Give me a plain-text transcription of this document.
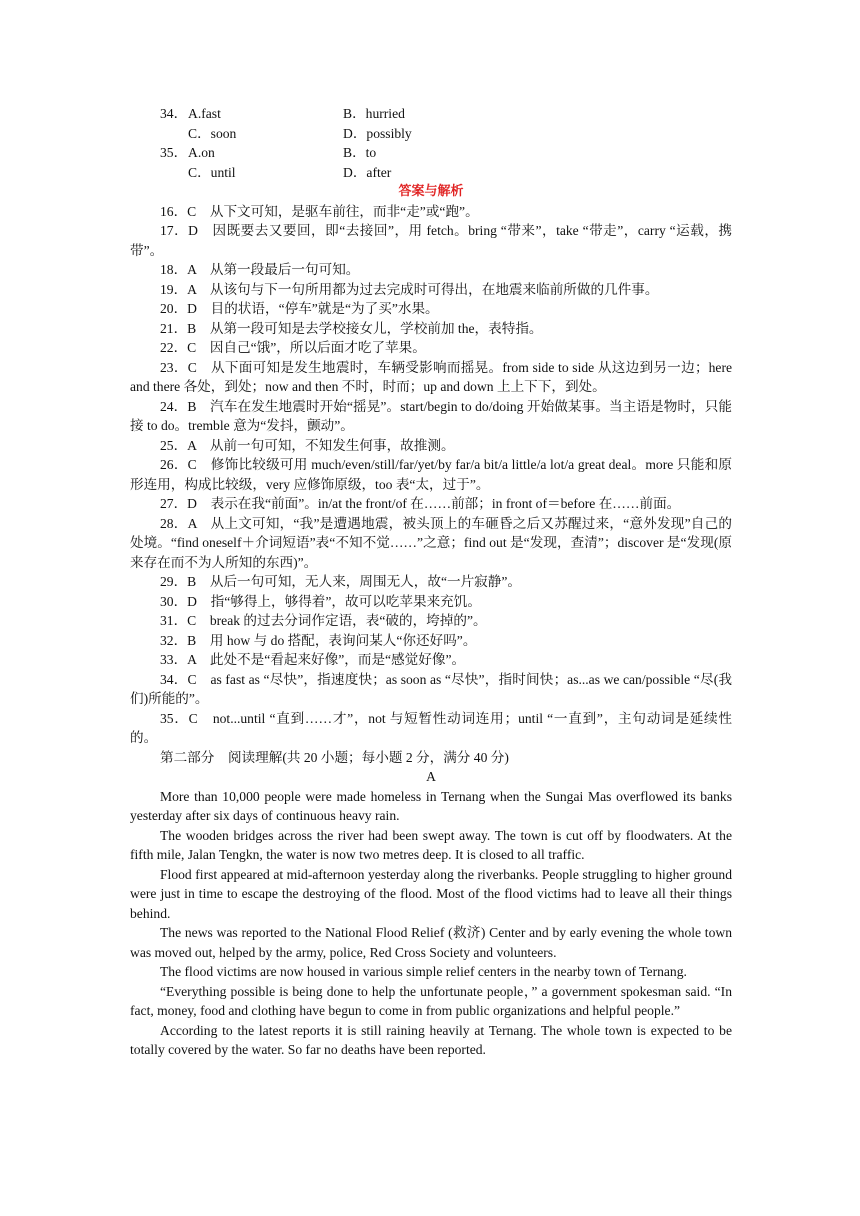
34． A.fast	B．hurried
C．soon	D．possibly
35． A.on	B．to
C．until	D．after
答案与解析

16．C　从下文可知，是驱车前往，而非“走”或“跑”。

17．D　因既要去又要回，即“去接回”，用 fetch。bring “带来”，take “带走”，carry “运载，携带”。

18．A　从第一段最后一句可知。

19．A　从该句与下一句所用都为过去完成时可得出，在地震来临前所做的几件事。

20．D　目的状语，“停车”就是“为了买”水果。

21．B　从第一段可知是去学校接女儿，学校前加 the，表特指。

22．C　因自己“饿”，所以后面才吃了苹果。

23．C　从下面可知是发生地震时，车辆受影响而摇晃。from side to side 从这边到另一边；here and there 各处，到处；now and then 不时，时而；up and down 上上下下，到处。

24．B　汽车在发生地震时开始“摇晃”。start/begin to do/doing 开始做某事。当主语是物时，只能接 to do。tremble 意为“发抖，颤动”。

25．A　从前一句可知，不知发生何事，故推测。

26．C　修饰比较级可用 much/even/still/far/yet/by far/a bit/a little/a lot/a great deal。more 只能和原形连用，构成比较级，very 应修饰原级，too 表“太，过于”。

27．D　表示在我“前面”。in/at the front/of 在……前部；in front of＝before 在……前面。

28．A　从上文可知，“我”是遭遇地震，被头顶上的车砸昏之后又苏醒过来，“意外发现”自己的处境。“find oneself＋介词短语”表“不知不觉……”之意；find out 是“发现，查清”；discover 是“发现(原来存在而不为人所知的东西)”。

29．B　从后一句可知，无人来，周围无人，故“一片寂静”。

30．D　指“够得上，够得着”，故可以吃苹果来充饥。

31．C　break 的过去分词作定语，表“破的，垮掉的”。

32．B　用 how 与 do 搭配，表询问某人“你还好吗”。

33．A　此处不是“看起来好像”，而是“感觉好像”。

34．C　as fast as “尽快”，指速度快；as soon as “尽快”，指时间快；as...as we can/possible “尽(我们)所能的”。

35．C　not...until “直到……才”，not 与短暂性动词连用；until “一直到”，主句动词是延续性的。

第二部分　阅读理解(共 20 小题；每小题 2 分，满分 40 分)

A

More than 10,000 people were made homeless in Ternang when the Sungai Mas overflowed its banks yesterday after six days of continuous heavy rain.

The wooden bridges across the river had been swept away. The town is cut off by floodwaters. At the fifth mile, Jalan Tengkn, the water is now two metres deep. It is closed to all traffic.

Flood first appeared at mid-afternoon yesterday along the riverbanks. People struggling to higher ground were just in time to escape the destroying of the flood. Most of the flood victims had to leave all their things behind.

The news was reported to the National Flood Relief (救济) Center and by early evening the whole town was moved out, helped by the army, police, Red Cross Society and volunteers.

The flood victims are now housed in various simple relief centers in the nearby town of Ternang.

“Everything possible is being done to help the unfortunate people，” a government spokesman said. “In fact, money, food and clothing have begun to come in from public organizations and helpful people.”

According to the latest reports it is still raining heavily at Ternang. The whole town is expected to be totally covered by the water. So far no deaths have been reported.
